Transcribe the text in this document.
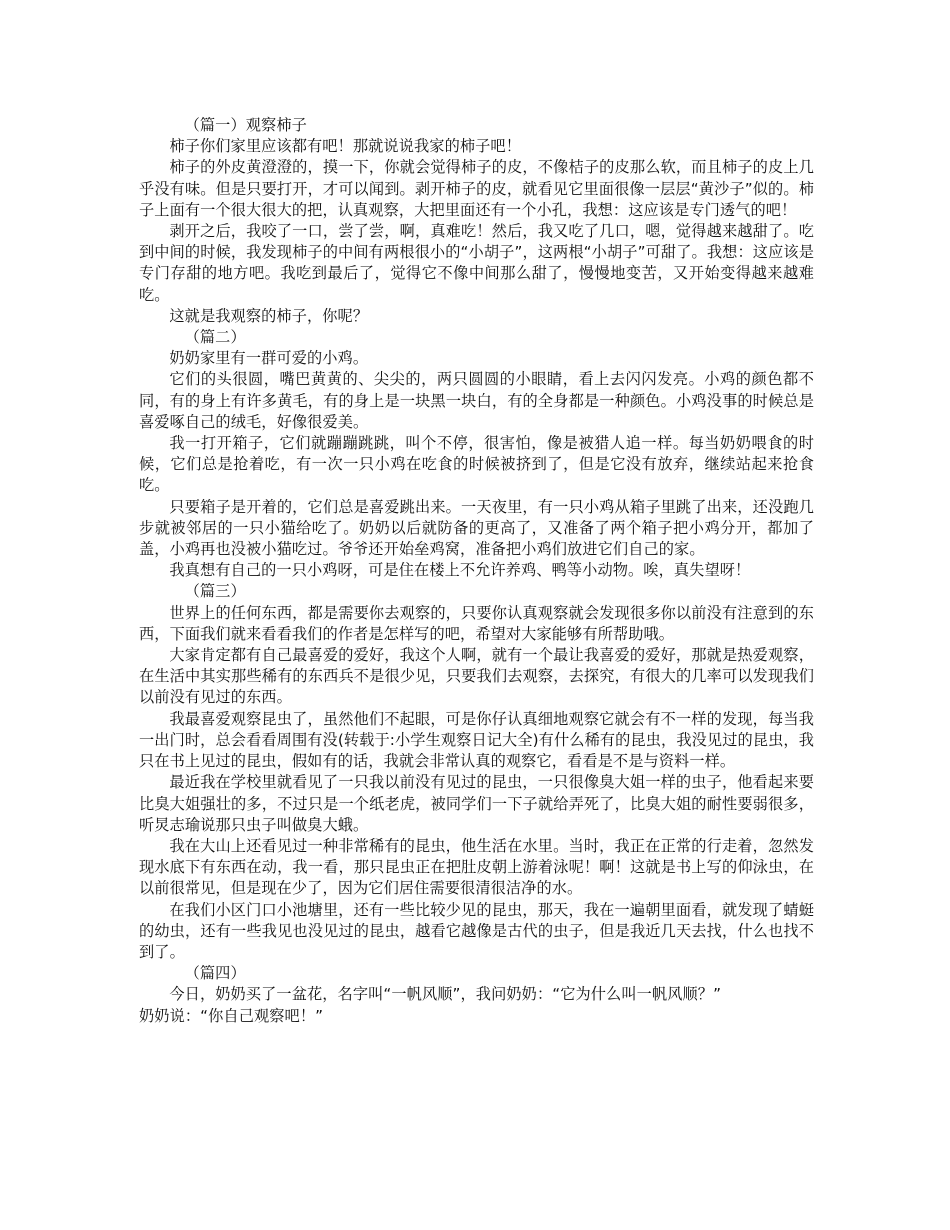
（篇一）观察柿子

柿子你们家里应该都有吧！那就说说我家的柿子吧！

柿子的外皮黄澄澄的，摸一下，你就会觉得柿子的皮，不像桔子的皮那么软，而且柿子的皮上几乎没有味。但是只要打开，才可以闻到。剥开柿子的皮，就看见它里面很像一层层“黄沙子”似的。柿子上面有一个很大很大的把，认真观察，大把里面还有一个小孔，我想：这应该是专门透气的吧！

剥开之后，我咬了一口，尝了尝，啊，真难吃！然后，我又吃了几口，嗯，觉得越来越甜了。吃到中间的时候，我发现柿子的中间有两根很小的“小胡子”，这两根“小胡子”可甜了。我想：这应该是专门存甜的地方吧。我吃到最后了，觉得它不像中间那么甜了，慢慢地变苦，又开始变得越来越难吃。

这就是我观察的柿子，你呢？

（篇二）

奶奶家里有一群可爱的小鸡。

它们的头很圆，嘴巴黄黄的、尖尖的，两只圆圆的小眼睛，看上去闪闪发亮。小鸡的颜色都不同，有的身上有许多黄毛，有的身上是一块黑一块白，有的全身都是一种颜色。小鸡没事的时候总是喜爱啄自己的绒毛，好像很爱美。

我一打开箱子，它们就蹦蹦跳跳，叫个不停，很害怕，像是被猎人追一样。每当奶奶喂食的时候，它们总是抢着吃，有一次一只小鸡在吃食的时候被挤到了，但是它没有放弃，继续站起来抢食吃。

只要箱子是开着的，它们总是喜爱跳出来。一天夜里，有一只小鸡从箱子里跳了出来，还没跑几步就被邻居的一只小猫给吃了。奶奶以后就防备的更高了，又准备了两个箱子把小鸡分开，都加了盖，小鸡再也没被小猫吃过。爷爷还开始垒鸡窝，准备把小鸡们放进它们自己的家。

我真想有自己的一只小鸡呀，可是住在楼上不允许养鸡、鸭等小动物。唉，真失望呀！

（篇三）

世界上的任何东西，都是需要你去观察的，只要你认真观察就会发现很多你以前没有注意到的东西，下面我们就来看看我们的作者是怎样写的吧，希望对大家能够有所帮助哦。

大家肯定都有自己最喜爱的爱好，我这个人啊，就有一个最让我喜爱的爱好，那就是热爱观察，在生活中其实那些稀有的东西兵不是很少见，只要我们去观察，去探究，有很大的几率可以发现我们以前没有见过的东西。

我最喜爱观察昆虫了，虽然他们不起眼，可是你仔认真细地观察它就会有不一样的发现，每当我一出门时，总会看看周围有没(转载于:小学生观察日记大全)有什么稀有的昆虫，我没见过的昆虫，我只在书上见过的昆虫，假如有的话，我就会非常认真的观察它，看看是不是与资料一样。

最近我在学校里就看见了一只我以前没有见过的昆虫，一只很像臭大姐一样的虫子，他看起来要比臭大姐强壮的多，不过只是一个纸老虎，被同学们一下子就给弄死了，比臭大姐的耐性要弱很多，听炅志瑜说那只虫子叫做臭大蛾。

我在大山上还看见过一种非常稀有的昆虫，他生活在水里。当时，我正在正常的行走着，忽然发现水底下有东西在动，我一看，那只昆虫正在把肚皮朝上游着泳呢！啊！这就是书上写的仰泳虫，在以前很常见，但是现在少了，因为它们居住需要很清很洁净的水。

在我们小区门口小池塘里，还有一些比较少见的昆虫，那天，我在一遍朝里面看，就发现了蜻蜓的幼虫，还有一些我见也没见过的昆虫，越看它越像是古代的虫子，但是我近几天去找，什么也找不到了。

（篇四）

今日，奶奶买了一盆花，名字叫“一帆风顺”，我问奶奶：“它为什么叫一帆风顺？”

奶奶说：“你自己观察吧！”
